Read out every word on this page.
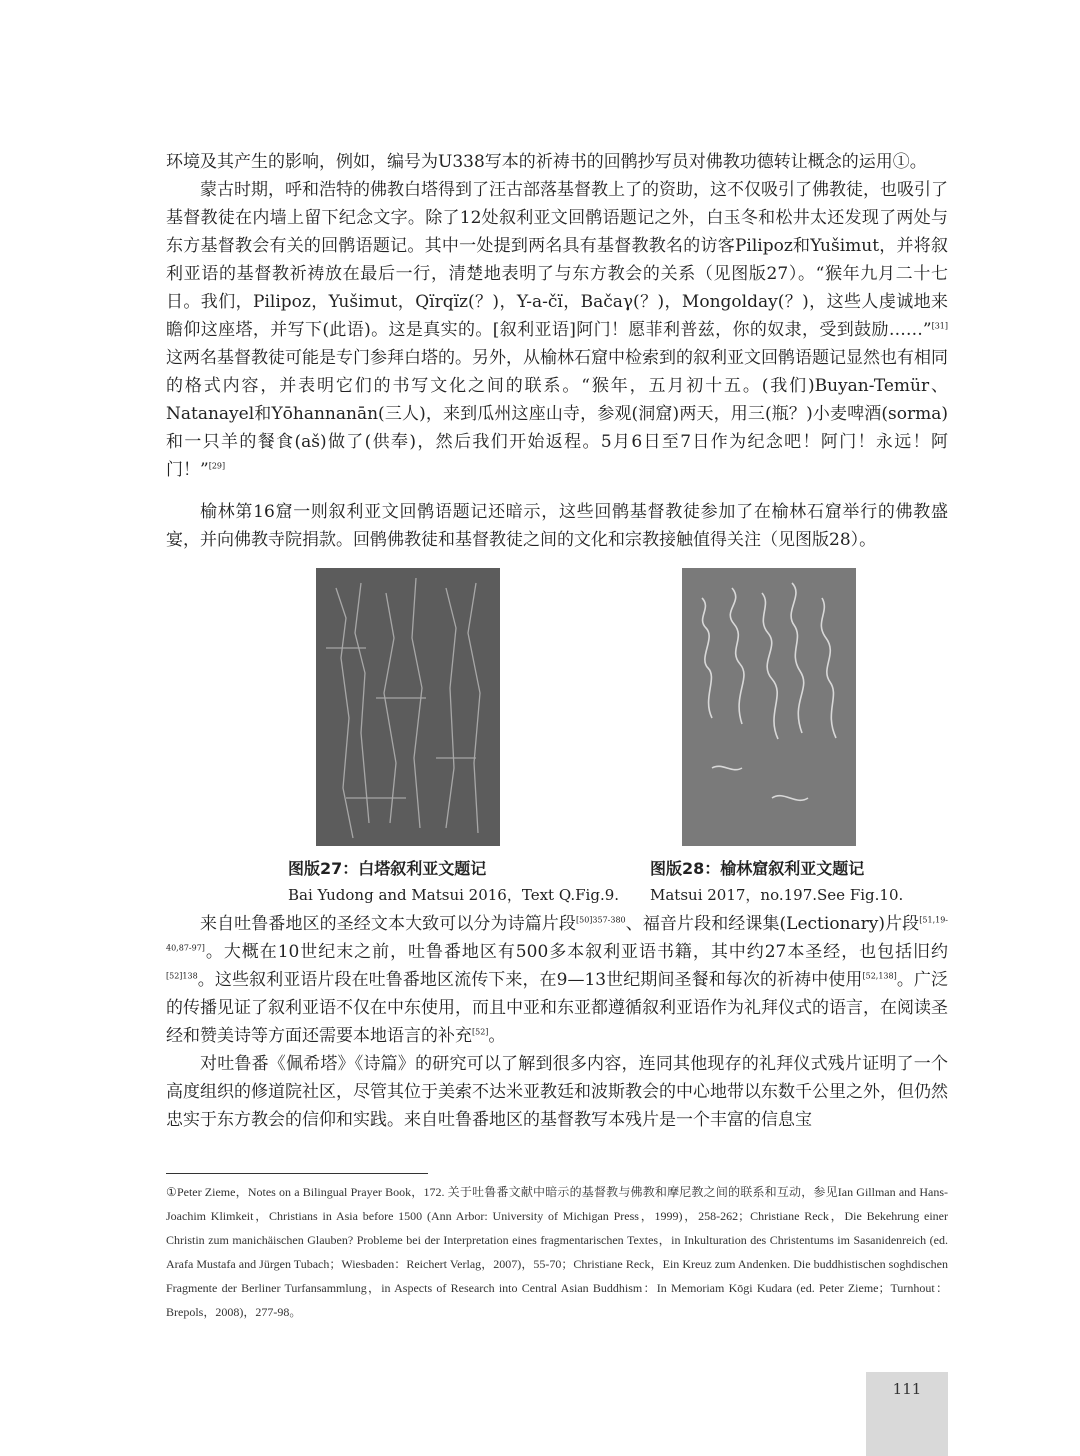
环境及其产生的影响，例如，编号为U338写本的祈祷书的回鹘抄写员对佛教功德转让概念的运用①。

蒙古时期，呼和浩特的佛教白塔得到了汪古部落基督教上了的资助，这不仅吸引了佛教徒，也吸引了基督教徒在内墙上留下纪念文字。除了12处叙利亚文回鹘语题记之外，白玉冬和松井太还发现了两处与东方基督教会有关的回鹘语题记。其中一处提到两名具有基督教教名的访客Pilipoz和Yušimut，并将叙利亚语的基督教祈祷放在最后一行，清楚地表明了与东方教会的关系（见图版27）。“猴年九月二十七日。我们，Pilipoz，Yušimut，Qïrqïz(？)，Y-a-čï，Bačaγ(？)，Mongolday(？)，这些人虔诚地来瞻仰这座塔，并写下(此语)。这是真实的。[叙利亚语]阿门！愿菲利普兹，你的奴隶，受到鼓励……”[31]这两名基督教徒可能是专门参拜白塔的。另外，从榆林石窟中检索到的叙利亚文回鹘语题记显然也有相同的格式内容，并表明它们的书写文化之间的联系。“猴年，五月初十五。(我们)Buyan-Temür、Natanayel和Yōhannanān(三人)，来到瓜州这座山寺，参观(洞窟)两天，用三(瓶？)小麦啤酒(sorma)和一只羊的餐食(aš)做了(供奉)，然后我们开始返程。5月6日至7日作为纪念吧！阿门！永远！阿门！”[29]

榆林第16窟一则叙利亚文回鹘语题记还暗示，这些回鹘基督教徒参加了在榆林石窟举行的佛教盛宴，并向佛教寺院捐款。回鹘佛教徒和基督教徒之间的文化和宗教接触值得关注（见图版28）。

图版27：白塔叙利亚文题记
Bai Yudong and Matsui 2016，Text Q.Fig.9.
图版28：榆林窟叙利亚文题记
Matsui 2017，no.197.See Fig.10.

来自吐鲁番地区的圣经文本大致可以分为诗篇片段$^{[50]357-380}$、福音片段和经课集(Lectionary)片段[51,19-40,87-97]。大概在10世纪末之前，吐鲁番地区有500多本叙利亚语书籍，其中约27本圣经，也包括旧约$^{[52]138}$。这些叙利亚语片段在吐鲁番地区流传下来，在9—13世纪期间圣餐和每次的祈祷中使用[52,138]。广泛的传播见证了叙利亚语不仅在中东使用，而且中亚和东亚都遵循叙利亚语作为礼拜仪式的语言，在阅读圣经和赞美诗等方面还需要本地语言的补充[52]。

对吐鲁番《佩希塔》《诗篇》的研究可以了解到很多内容，连同其他现存的礼拜仪式残片证明了一个高度组织的修道院社区，尽管其位于美索不达米亚教廷和波斯教会的中心地带以东数千公里之外，但仍然忠实于东方教会的信仰和实践。来自吐鲁番地区的基督教写本残片是一个丰富的信息宝

①Peter Zieme，Notes on a Bilingual Prayer Book，172. 关于吐鲁番文献中暗示的基督教与佛教和摩尼教之间的联系和互动，参见Ian Gillman and Hans-Joachim Klimkeit，Christians in Asia before 1500 (Ann Arbor: University of Michigan Press，1999)，258-262；Christiane Reck，Die Bekehrung einer Christin zum manichäischen Glauben? Probleme bei der Interpretation eines fragmentarischen Textes，in Inkulturation des Christentums im Sasanidenreich (ed. Arafa Mustafa and Jürgen Tubach；Wiesbaden：Reichert Verlag，2007)，55-70；Christiane Reck，Ein Kreuz zum Andenken. Die buddhistischen soghdischen Fragmente der Berliner Turfansammlung，in Aspects of Research into Central Asian Buddhism：In Memoriam Kōgi Kudara (ed. Peter Zieme；Turnhout：Brepols，2008)，277-98。
111
